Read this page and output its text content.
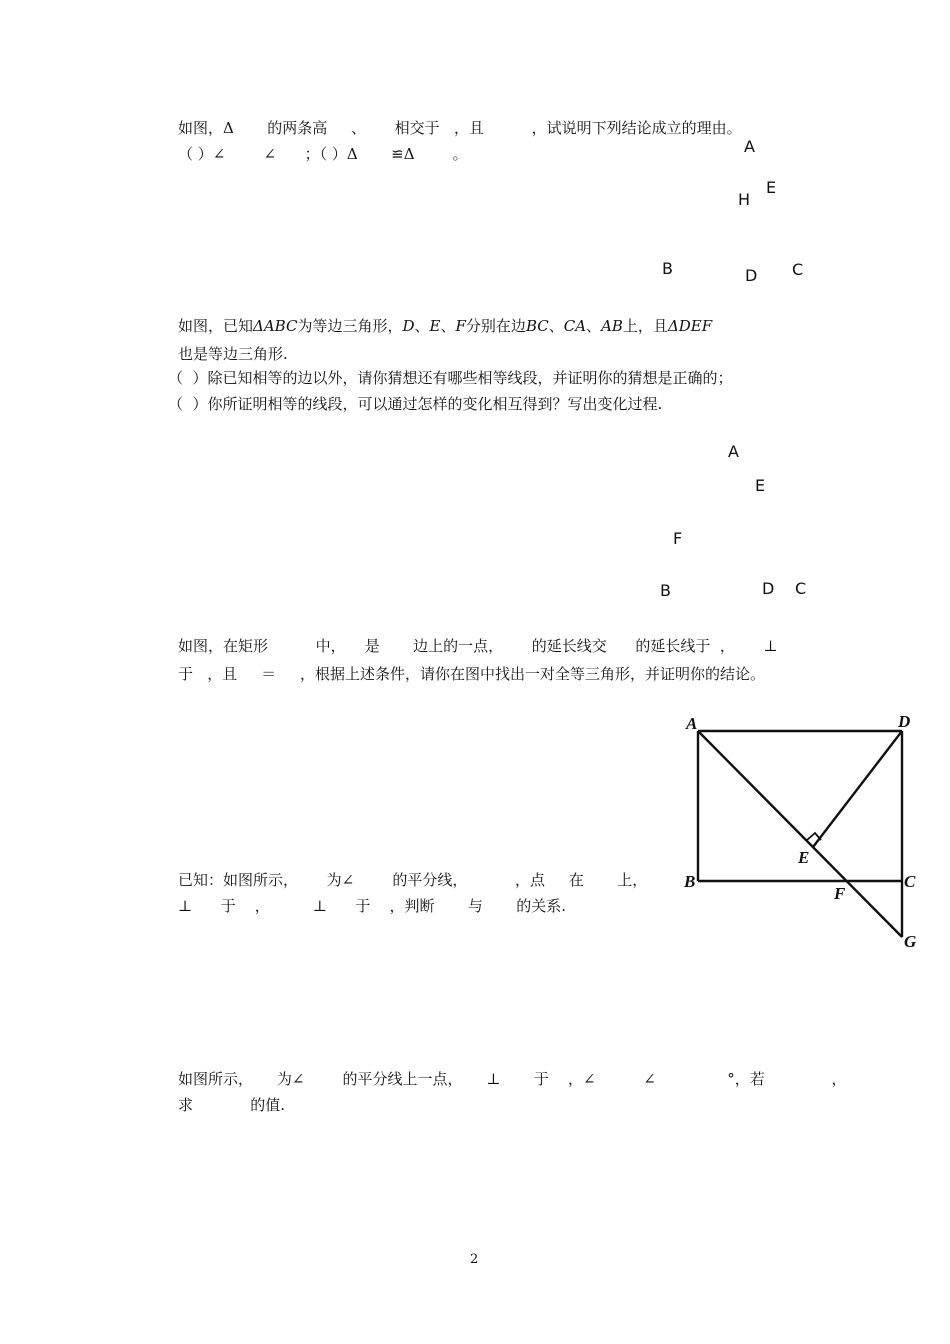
如图，Δ       的两条高     、      相交于   ，且          ，试说明下列结论成立的理由。
（ ）∠        ∠      ；（ ）Δ       ≌Δ        。	A
E
H
B	D C
如图，已知ΔABC为等边三角形，D、E、F分别在边BC、CA、AB上，且ΔDEF
也是等边三角形.
（  ）除已知相等的边以外，请你猜想还有哪些相等线段，并证明你的猜想是正确的；
（  ）你所证明相等的线段，可以通过怎样的变化相互得到？写出变化过程.
A
E
F
B	D C
如图，在矩形          中，    是       边上的一点，      的延长线交      的延长线于  ，      ⊥
于   ，且     ＝     ，根据上述条件，请你在图中找出一对全等三角形，并证明你的结论。
A	D
E
B
F
C
G
已知：如图所示，      为∠        的平分线，          ，点     在       上，
⊥      于    ，         ⊥      于    ，判断       与       的关系.
如图所示，     为∠        的平分线上一点，     ⊥       于    ，∠          ∠               °，若              ，
求            的值.
2
